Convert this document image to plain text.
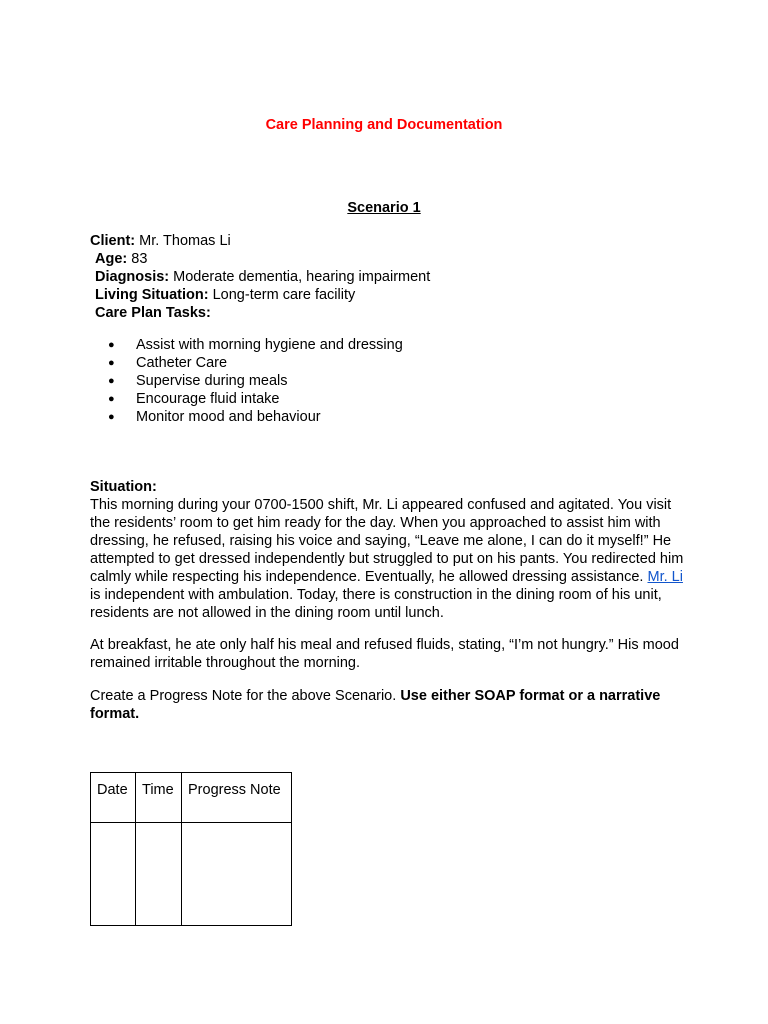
Care Planning and Documentation
Scenario 1
Client: Mr. Thomas Li
Age: 83
Diagnosis: Moderate dementia, hearing impairment
Living Situation: Long-term care facility
Care Plan Tasks:
● Assist with morning hygiene and dressing
● Catheter Care
● Supervise during meals
● Encourage fluid intake
● Monitor mood and behaviour
Situation:

This morning during your 0700-1500 shift, Mr. Li appeared confused and agitated. You visit the residents’ room to get him ready for the day. When you approached to assist him with dressing, he refused, raising his voice and saying, “Leave me alone, I can do it myself!” He attempted to get dressed independently but struggled to put on his pants. You redirected him calmly while respecting his independence. Eventually, he allowed dressing assistance. Mr. Li is independent with ambulation. Today, there is construction in the dining room of his unit, residents are not allowed in the dining room until lunch.

At breakfast, he ate only half his meal and refused fluids, stating, “I’m not hungry.” His mood remained irritable throughout the morning.
Create a Progress Note for the above Scenario. Use either SOAP format or a narrative format.
Date	Time	Progress Note
